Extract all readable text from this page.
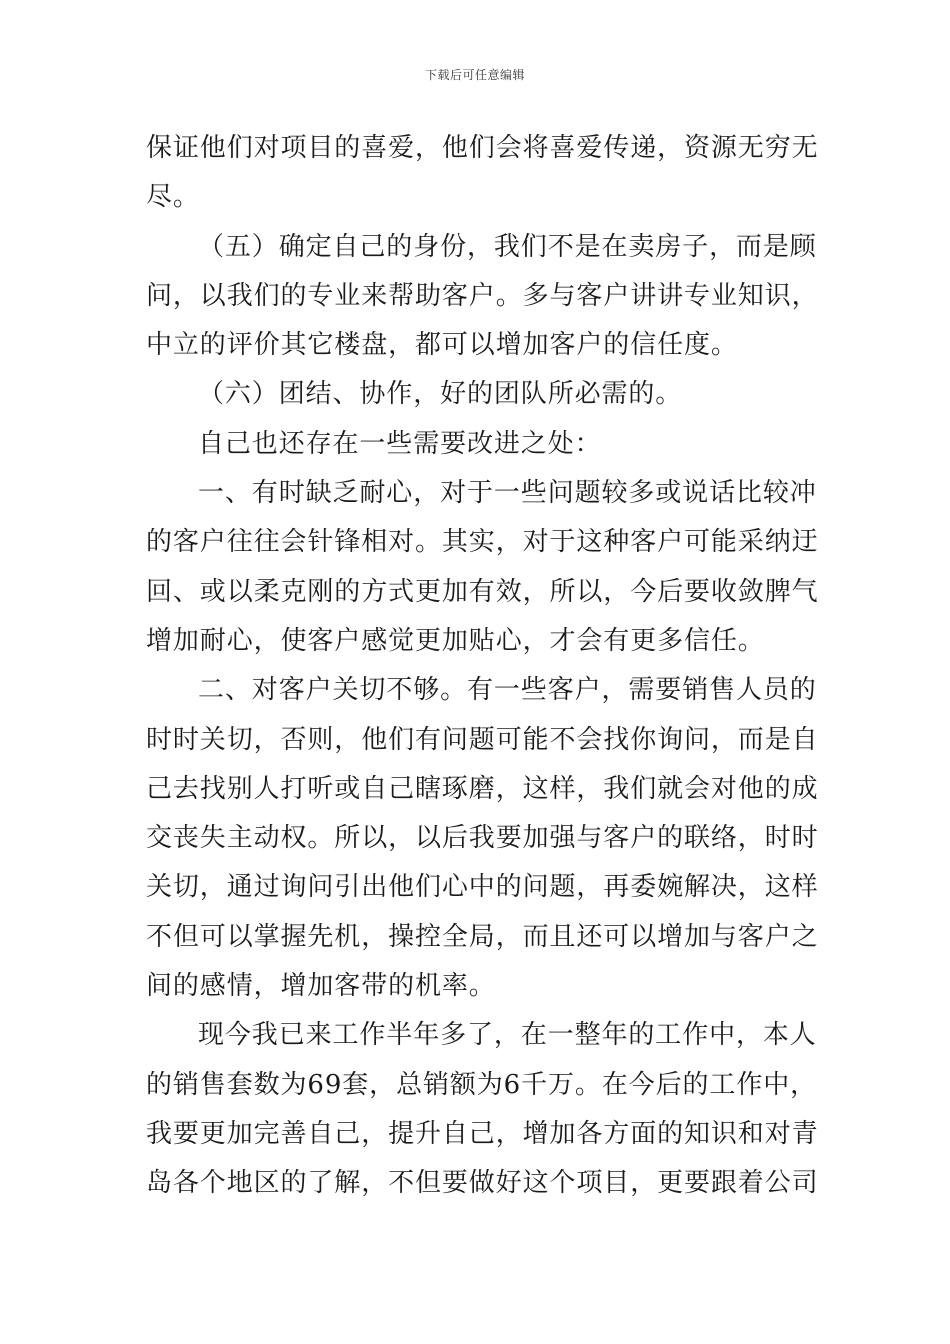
下载后可任意编辑
保证他们对项目的喜爱，他们会将喜爱传递，资源无穷无
尽。
（五）确定自己的身份，我们不是在卖房子，而是顾
问，以我们的专业来帮助客户。多与客户讲讲专业知识，
中立的评价其它楼盘，都可以增加客户的信任度。
（六）团结、协作，好的团队所必需的。
自己也还存在一些需要改进之处：
一、有时缺乏耐心，对于一些问题较多或说话比较冲
的客户往往会针锋相对。其实，对于这种客户可能采纳迂
回、或以柔克刚的方式更加有效，所以，今后要收敛脾气
增加耐心，使客户感觉更加贴心，才会有更多信任。
二、对客户关切不够。有一些客户，需要销售人员的
时时关切，否则，他们有问题可能不会找你询问，而是自
己去找别人打听或自己瞎琢磨，这样，我们就会对他的成
交丧失主动权。所以，以后我要加强与客户的联络，时时
关切，通过询问引出他们心中的问题，再委婉解决，这样
不但可以掌握先机，操控全局，而且还可以增加与客户之
间的感情，增加客带的机率。
现今我已来工作半年多了，在一整年的工作中，本人
的销售套数为69套，总销额为6千万。在今后的工作中，
我要更加完善自己，提升自己，增加各方面的知识和对青
岛各个地区的了解，不但要做好这个项目，更要跟着公司
